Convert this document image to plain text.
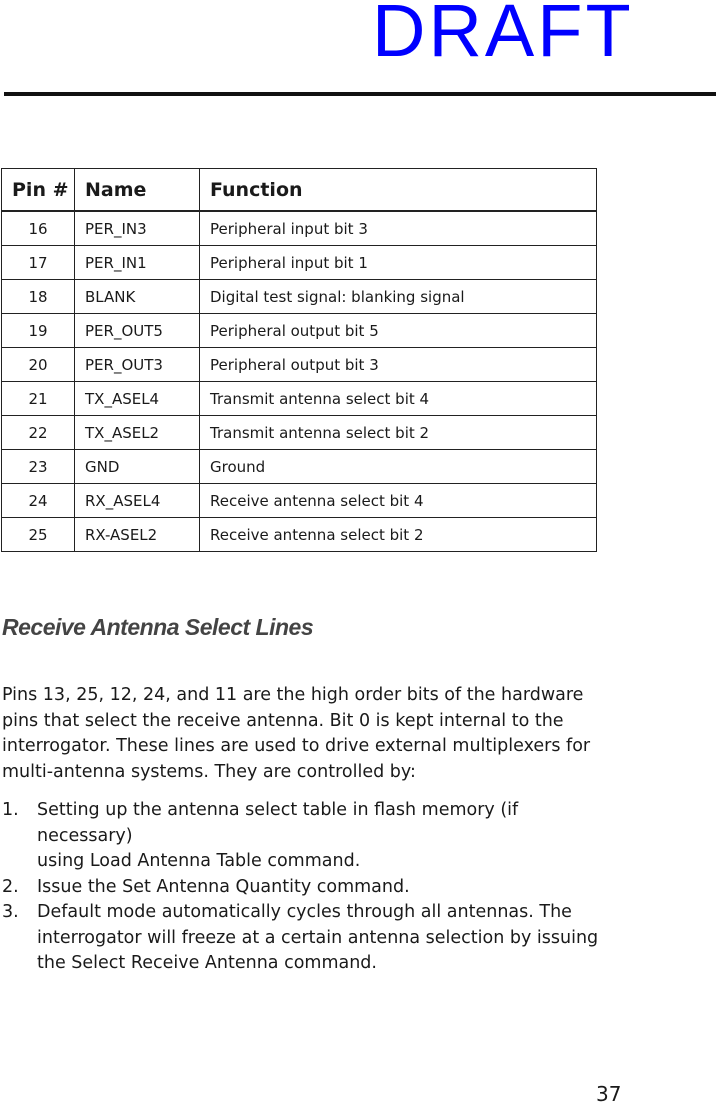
DRAFT
Pin #	Name	Function
16	PER_IN3	Peripheral input bit 3
17	PER_IN1	Peripheral input bit 1
18	BLANK	Digital test signal: blanking signal
19	PER_OUT5	Peripheral output bit 5
20	PER_OUT3	Peripheral output bit 3
21	TX_ASEL4	Transmit antenna select bit 4
22	TX_ASEL2	Transmit antenna select bit 2
23	GND	Ground
24	RX_ASEL4	Receive antenna select bit 4
25	RX-ASEL2	Receive antenna select bit 2
Receive Antenna Select Lines

Pins 13, 25, 12, 24, and 11 are the high order bits of the hardware
pins that select the receive antenna. Bit 0 is kept internal to the
interrogator. These lines are used to drive external multiplexers for
multi-antenna systems. They are controlled by:

1. Setting up the antenna select table in flash memory (if necessary)
using Load Antenna Table command.
2. Issue the Set Antenna Quantity command.
3. Default mode automatically cycles through all antennas. The
interrogator will freeze at a certain antenna selection by issuing
the Select Receive Antenna command.
37
